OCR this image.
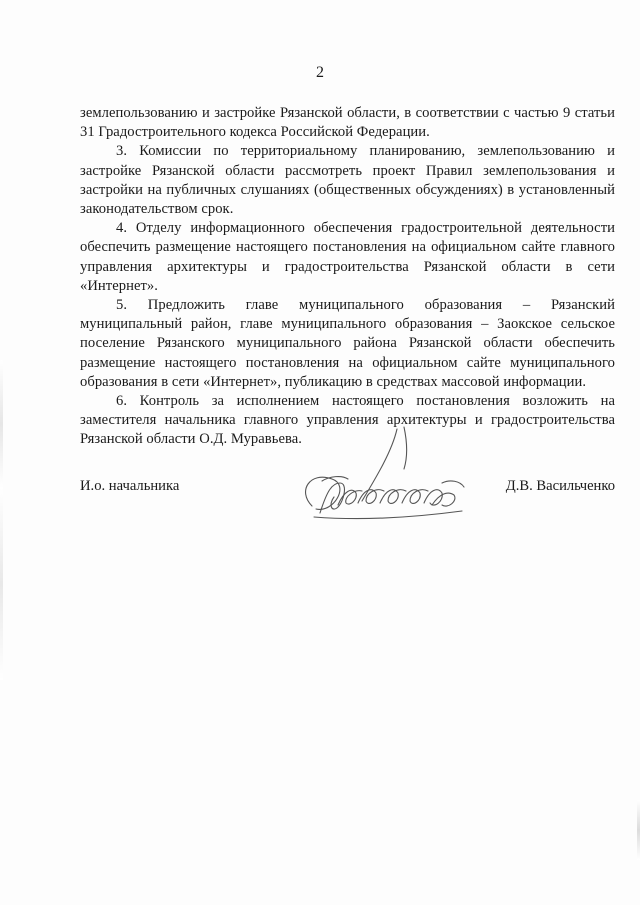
2

землепользованию и застройке Рязанской области, в соответствии с частью 9 статьи 31 Градостроительного кодекса Российской Федерации.

3. Комиссии по территориальному планированию, землепользованию и застройке Рязанской области рассмотреть проект Правил землепользования и застройки на публичных слушаниях (общественных обсуждениях) в установленный законодательством срок.

4. Отделу информационного обеспечения градостроительной деятельности обеспечить размещение настоящего постановления на официальном сайте главного управления архитектуры и градостроительства Рязанской области в сети «Интернет».

5. Предложить главе муниципального образования – Рязанский муниципальный район, главе муниципального образования – Заокское сельское поселение Рязанского муниципального района Рязанской области обеспечить размещение настоящего постановления на официальном сайте муниципального образования в сети «Интернет», публикацию в средствах массовой информации.

6. Контроль за исполнением настоящего постановления возложить на заместителя начальника главного управления архитектуры и градостроительства Рязанской области О.Д. Муравьева.

И.о. начальника	Д.В. Васильченко
